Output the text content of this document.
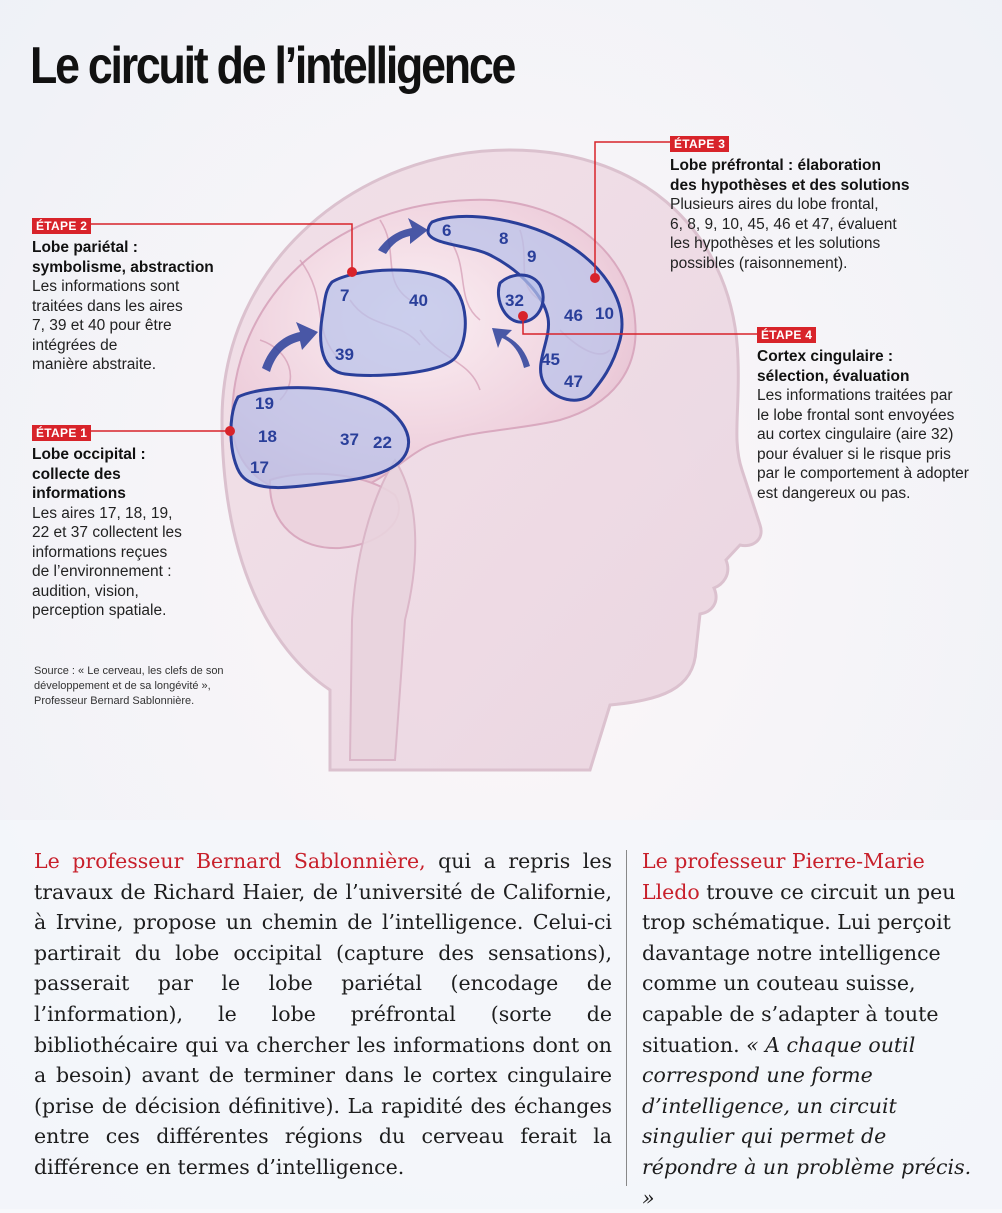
19
18
17
37 22
7	40
39
6	8
9
46 10
45
47
32
Le circuit de l’intelligence
ÉTAPE 2
Lobe pariétal :
symbolisme, abstraction
Les informations sont
traitées dans les aires
7, 39 et 40 pour être
intégrées de
manière abstraite.
ÉTAPE 1
Lobe occipital :
collecte des
informations
Les aires 17, 18, 19,
22 et 37 collectent les
informations reçues
de l’environnement :
audition, vision,
perception spatiale.
ÉTAPE 3
Lobe préfrontal : élaboration
des hypothèses et des solutions
Plusieurs aires du lobe frontal,
6, 8, 9, 10, 45, 46 et 47, évaluent
les hypothèses et les solutions
possibles (raisonnement).
ÉTAPE 4
Cortex cingulaire :
sélection, évaluation
Les informations traitées par
le lobe frontal sont envoyées
au cortex cingulaire (aire 32)
pour évaluer si le risque pris
par le comportement à adopter
est dangereux ou pas.
Source : « Le cerveau, les clefs de son
développement et de sa longévité »,
Professeur Bernard Sablonnière.
Le professeur Bernard Sablonnière, qui a repris les travaux de Richard Haier, de l’université de Californie, à Irvine, propose un chemin de l’intelligence. Celui-ci partirait du lobe occipital (capture des sensations), passerait par le lobe pariétal (encodage de l’information), le lobe préfrontal (sorte de bibliothécaire qui va chercher les informations dont on a besoin) avant de terminer dans le cortex cingulaire (prise de décision définitive). La rapidité des échanges entre ces différentes régions du cerveau ferait la différence en termes d’intelligence.
Le professeur Pierre-Marie Lledo trouve ce circuit un peu trop schématique. Lui perçoit davantage notre intelligence comme un couteau suisse, capable de s’adapter à toute situation. « A chaque outil correspond une forme d’intelligence, un circuit singulier qui permet de répondre à un problème précis. »
